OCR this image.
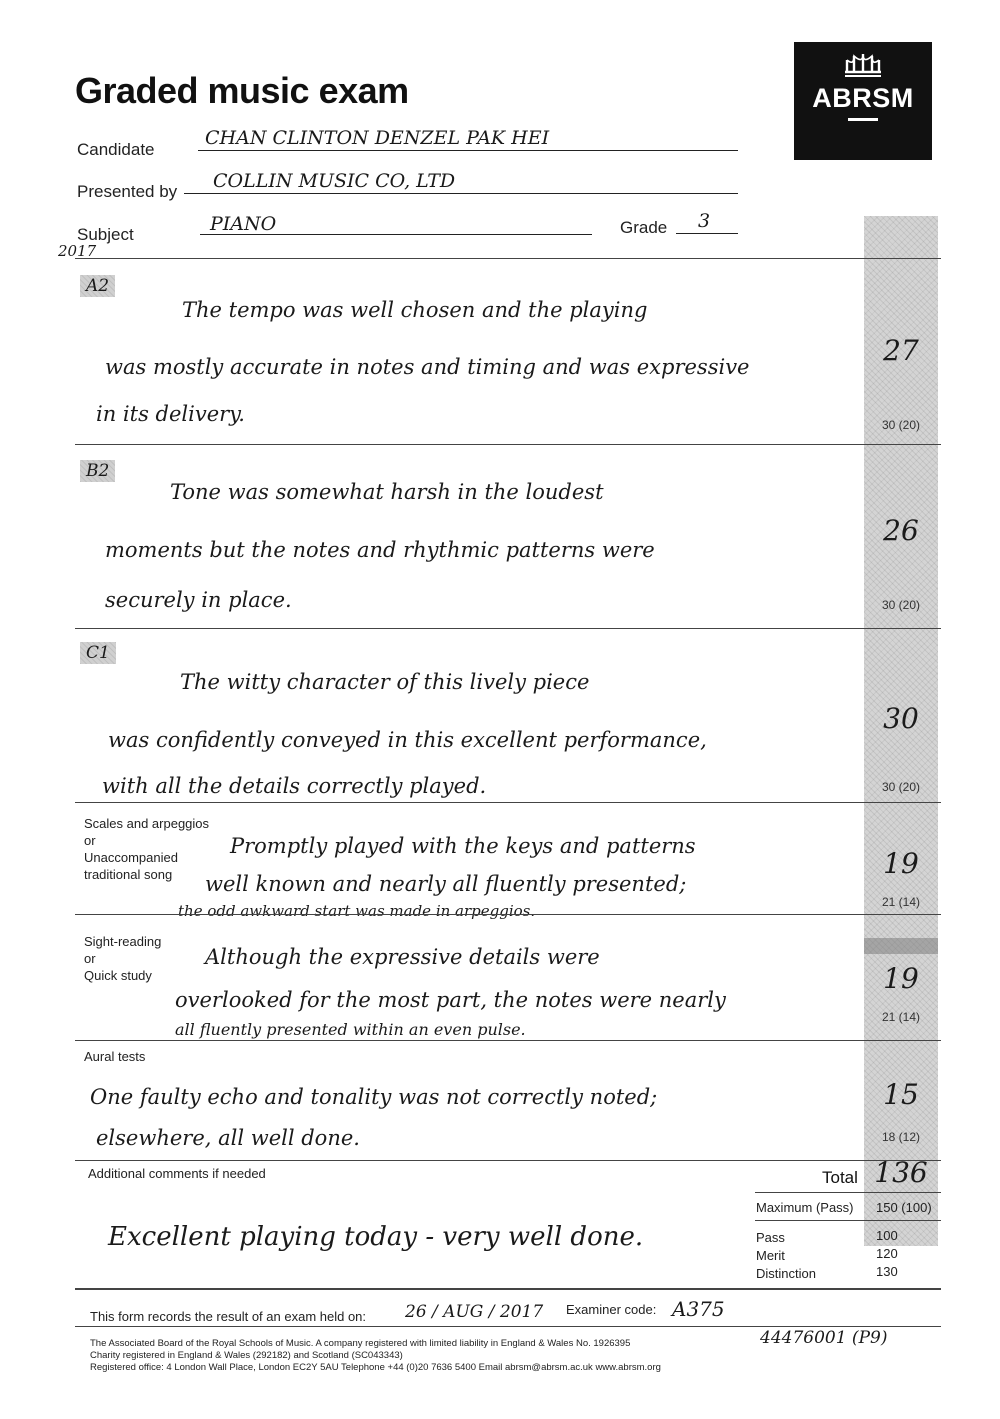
Graded music exam	ABRSM
Candidate
CHAN CLINTON DENZEL PAK HEI
Presented by COLLIN MUSIC CO, LTD
Subject	PIANO	Grade 3
2017
A2
The tempo was well chosen and the playing
was mostly accurate in notes and timing and was expressive
in its delivery.
27
30 (20)
B2
Tone was somewhat harsh in the loudest
moments but the notes and rhythmic patterns were
securely in place.
26
30 (20)
C1
The witty character of this lively piece
was confidently conveyed in this excellent performance,
with all the details correctly played.
30
30 (20)
Scales and arpeggios
or
Unaccompanied
traditional song
Promptly played with the keys and patterns
well known and nearly all fluently presented;
the odd awkward start was made in arpeggios.
19
21 (14)
Sight-reading
or
Quick study
Although the expressive details were
overlooked for the most part, the notes were nearly
all fluently presented within an even pulse.
19
21 (14)
Aural tests
One faulty echo and tonality was not correctly noted;
elsewhere, all well done.
15
18 (12)
Additional comments if needed
Excellent playing today - very well done.
Total 136
Maximum (Pass) 150 (100)
Pass	100
Merit	120
Distinction	130
This form records the result of an exam held on: 26 / AUG / 2017 Examiner code: A375
44476001 (P9)
The Associated Board of the Royal Schools of Music. A company registered with limited liability in England & Wales No. 1926395
Charity registered in England & Wales (292182) and Scotland (SC043343)
Registered office: 4 London Wall Place, London EC2Y 5AU Telephone +44 (0)20 7636 5400 Email abrsm@abrsm.ac.uk www.abrsm.org
